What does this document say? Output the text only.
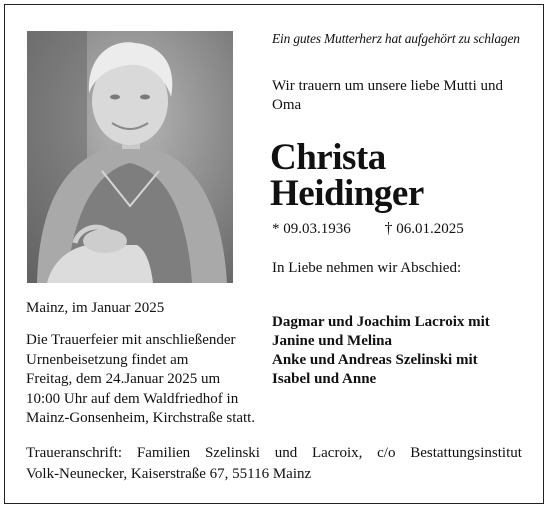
Ein gutes Mutterherz hat aufgehört zu schlagen
Wir trauern um unsere liebe Mutti und Oma
Christa
Heidinger
* 09.03.1936 † 06.01.2025
In Liebe nehmen wir Abschied:
Dagmar und Joachim Lacroix mit
Janine und Melina
Anke und Andreas Szelinski mit
Isabel und Anne
Mainz, im Januar 2025
Die Trauerfeier mit anschließender
Urnenbeisetzung findet am
Freitag, dem 24.Januar 2025 um
10:00 Uhr auf dem Waldfriedhof in
Mainz-Gonsenheim, Kirchstraße statt.
Traueranschrift: Familien Szelinski und Lacroix, c/o Bestattungsinstitut
Volk-Neunecker, Kaiserstraße 67, 55116 Mainz
